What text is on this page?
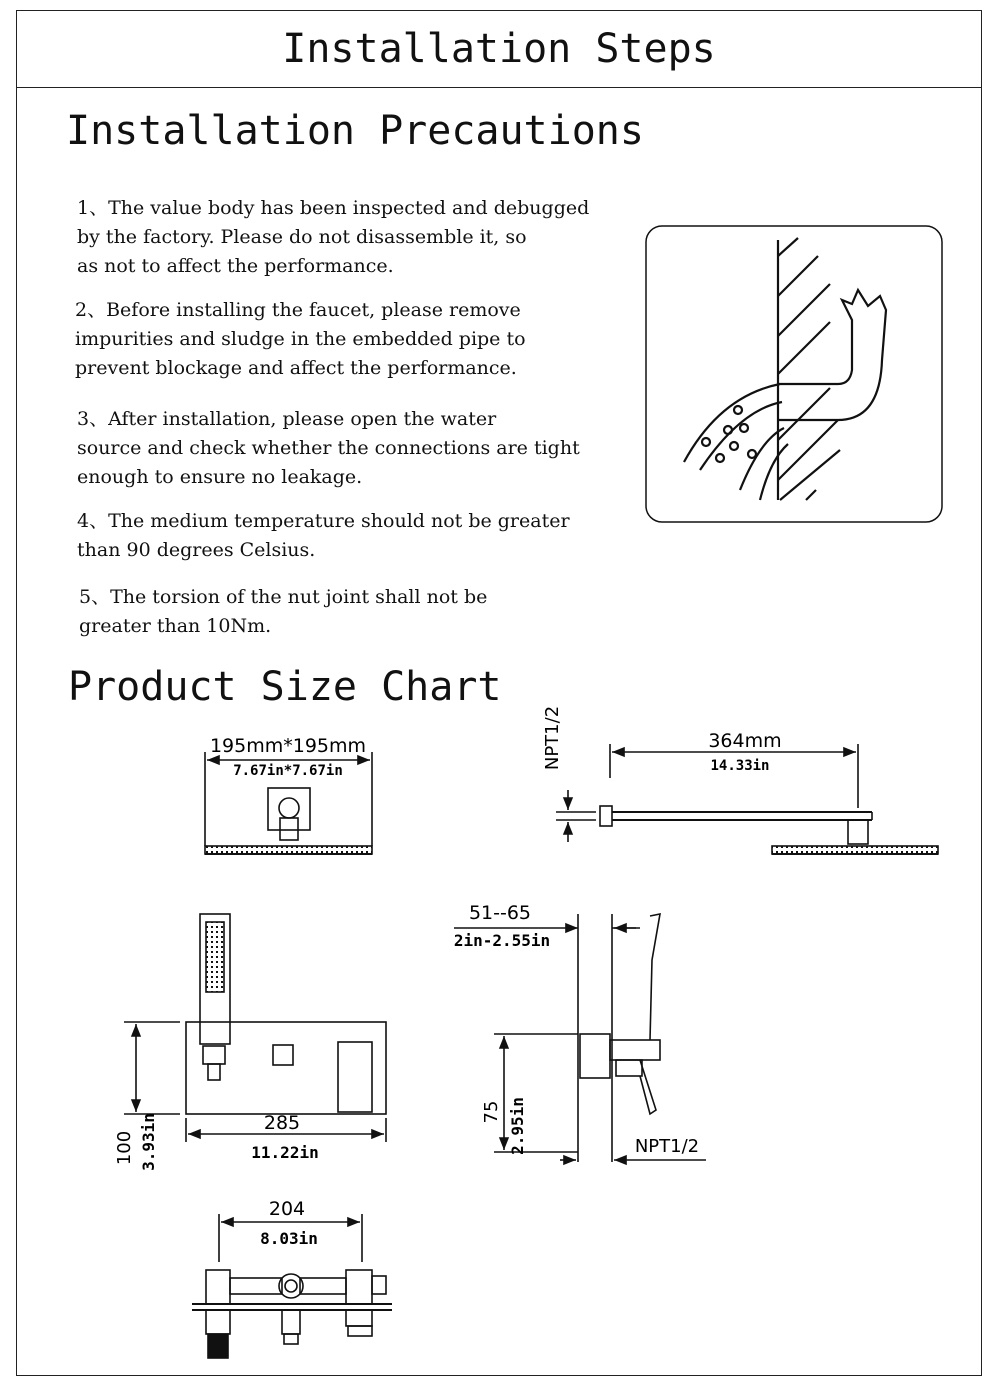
Installation Steps
Installation Precautions
1、The value body has been inspected and debugged
by the factory. Please do not disassemble it, so
as not to affect the performance.
2、Before installing the faucet, please remove
impurities and sludge in the embedded pipe to
prevent blockage and affect the performance.
3、After installation, please open the water
source and check whether the connections are tight
enough to ensure no leakage.
4、The medium temperature should not be greater
than 90 degrees Celsius.
5、The torsion of the nut joint shall not be
greater than 10Nm.
Product Size Chart
195mm*195mm
7.67in*7.67in
364mm
14.33in
NPT1/2
285
11.22in
100 3.93in
51--65
2in-2.55in
75 2.95in	NPT1/2
204
8.03in
